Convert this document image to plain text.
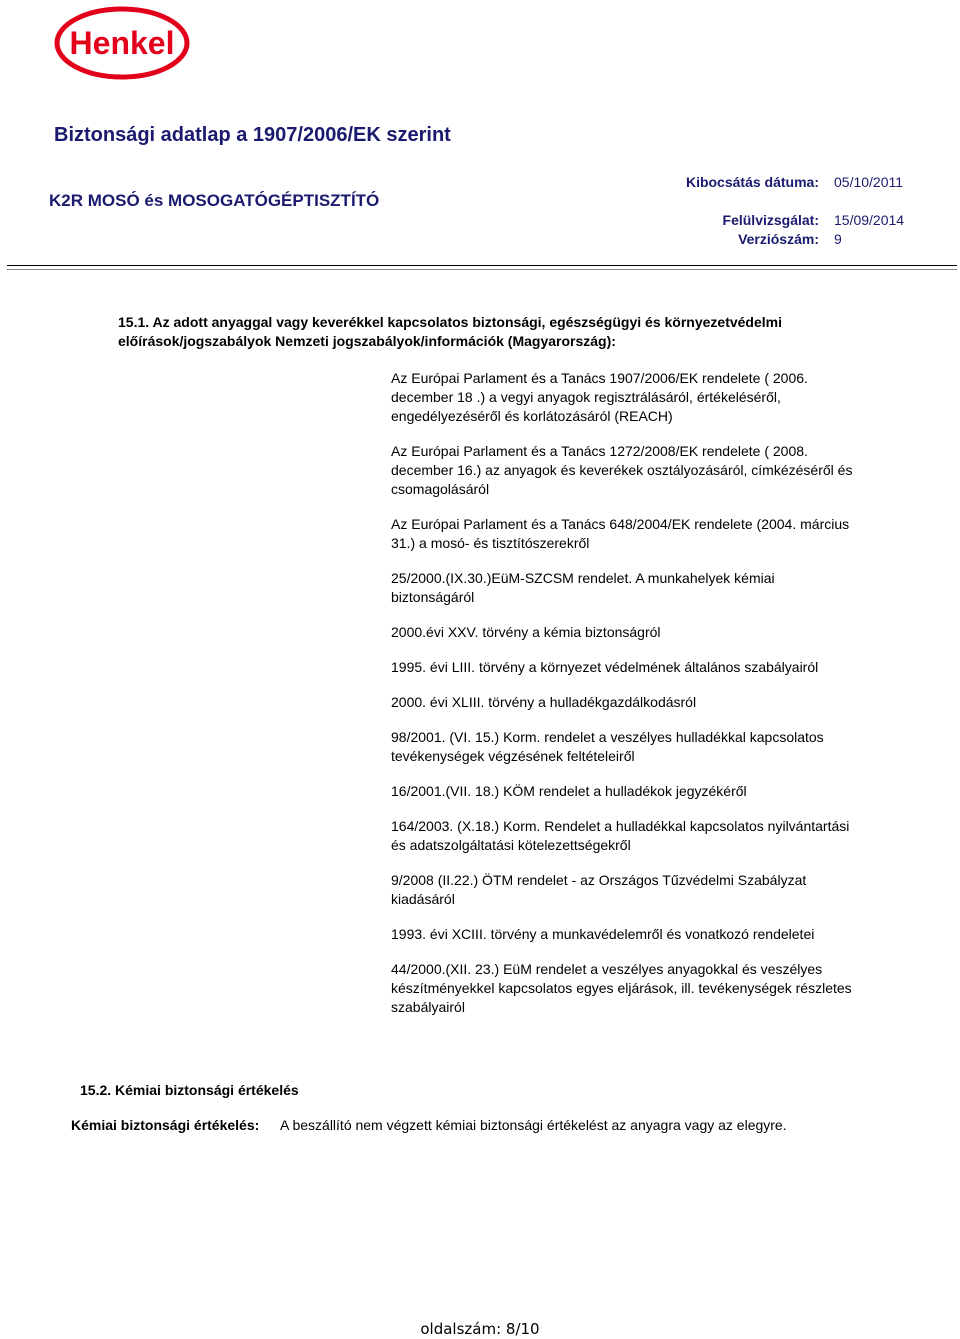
Henkel
Biztonsági adatlap a 1907/2006/EK szerint
K2R MOSÓ és MOSOGATÓGÉPTISZTÍTÓ
Kibocsátás dátuma: 05/10/2011
Felülvizsgálat: 15/09/2014
Verziószám: 9
15.1. Az adott anyaggal vagy keverékkel kapcsolatos biztonsági, egészségügyi és környezetvédelmi előírások/jogszabályok Nemzeti jogszabályok/információk (Magyarország):
Az Európai Parlament és a Tanács 1907/2006/EK rendelete ( 2006. december 18 .) a vegyi anyagok regisztrálásáról, értékeléséről, engedélyezéséről és korlátozásáról (REACH)
Az Európai Parlament és a Tanács 1272/2008/EK rendelete ( 2008. december 16.) az anyagok és keverékek osztályozásáról, címkézéséről és csomagolásáról
Az Európai Parlament és a Tanács 648/2004/EK rendelete (2004. március 31.) a mosó- és tisztítószerekről
25/2000.(IX.30.)EüM-SZCSM rendelet. A munkahelyek kémiai biztonságáról
2000.évi XXV. törvény a kémia biztonságról
1995. évi LIII. törvény a környezet védelmének általános szabályairól
2000. évi XLIII. törvény a hulladékgazdálkodásról
98/2001. (VI. 15.) Korm. rendelet a veszélyes hulladékkal kapcsolatos tevékenységek végzésének feltételeiről
16/2001.(VII. 18.) KÖM rendelet a hulladékok jegyzékéről
164/2003. (X.18.) Korm. Rendelet a hulladékkal kapcsolatos nyilvántartási és adatszolgáltatási kötelezettségekről
9/2008 (II.22.) ÖTM rendelet - az Országos Tűzvédelmi Szabályzat kiadásáról
1993. évi XCIII. törvény a munkavédelemről és vonatkozó rendeletei
44/2000.(XII. 23.) EüM rendelet a veszélyes anyagokkal és veszélyes készítményekkel kapcsolatos egyes eljárások, ill. tevékenységek részletes szabályairól
15.2. Kémiai biztonsági értékelés
Kémiai biztonsági értékelés: A beszállító nem végzett kémiai biztonsági értékelést az anyagra vagy az elegyre.
oldalszám: 8/10
